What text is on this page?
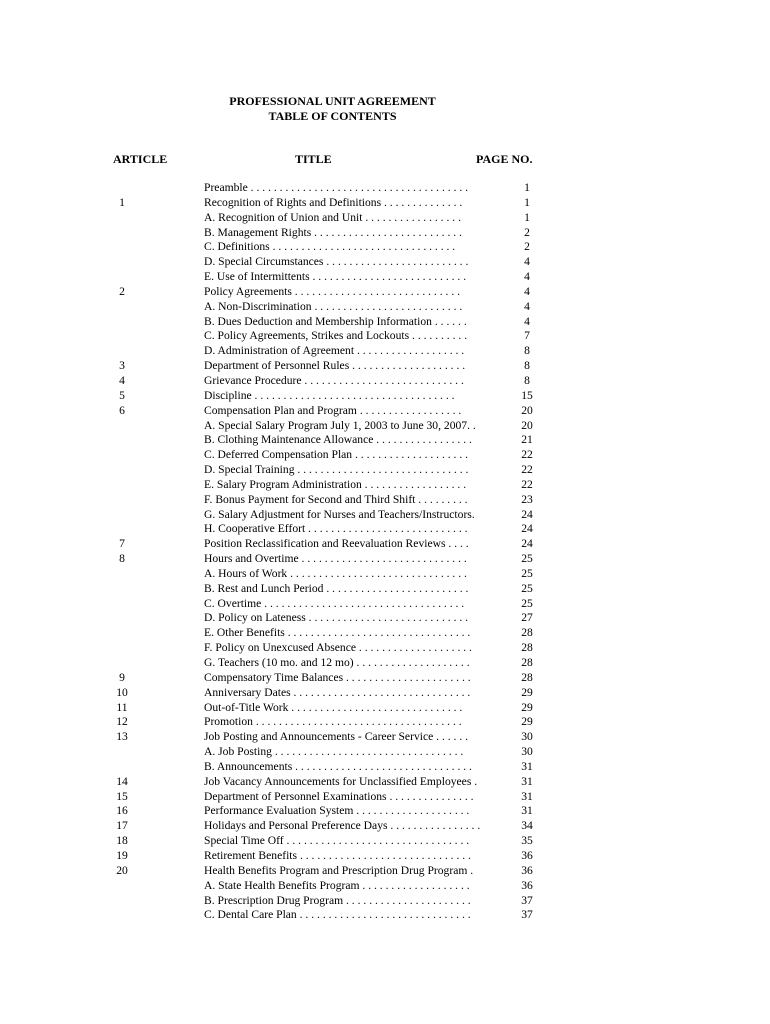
PROFESSIONAL UNIT AGREEMENT
TABLE OF CONTENTS
ARTICLE	TITLE	PAGE NO.
Preamble . . . . . . . . . . . . . . . . . . . . . . . . . . . . . . . . . . . . . .	1
1	Recognition of Rights and Definitions . . . . . . . . . . . . . .	1
A. Recognition of Union and Unit . . . . . . . . . . . . . . . . .	1
B. Management Rights . . . . . . . . . . . . . . . . . . . . . . . . . .	2
C. Definitions . . . . . . . . . . . . . . . . . . . . . . . . . . . . . . . .	2
D. Special Circumstances . . . . . . . . . . . . . . . . . . . . . . . . .	4
E. Use of Intermittents . . . . . . . . . . . . . . . . . . . . . . . . . . .	4
2	Policy Agreements . . . . . . . . . . . . . . . . . . . . . . . . . . . . .	4
A. Non-Discrimination . . . . . . . . . . . . . . . . . . . . . . . . . .	4
B. Dues Deduction and Membership Information . . . . . .	4
C. Policy Agreements, Strikes and Lockouts . . . . . . . . . .	7
D. Administration of Agreement . . . . . . . . . . . . . . . . . . .	8
3	Department of Personnel Rules . . . . . . . . . . . . . . . . . . . .	8
4	Grievance Procedure . . . . . . . . . . . . . . . . . . . . . . . . . . . .	8
5	Discipline . . . . . . . . . . . . . . . . . . . . . . . . . . . . . . . . . . .	15
6	Compensation Plan and Program . . . . . . . . . . . . . . . . . .	20
A. Special Salary Program July 1, 2003 to June 30, 2007. .	20
B. Clothing Maintenance Allowance . . . . . . . . . . . . . . . . .	21
C. Deferred Compensation Plan . . . . . . . . . . . . . . . . . . . .	22
D. Special Training . . . . . . . . . . . . . . . . . . . . . . . . . . . . . .	22
E. Salary Program Administration . . . . . . . . . . . . . . . . . .	22
F. Bonus Payment for Second and Third Shift . . . . . . . . .	23
G. Salary Adjustment for Nurses and Teachers/Instructors.	24
H. Cooperative Effort . . . . . . . . . . . . . . . . . . . . . . . . . . . .	24
7	Position Reclassification and Reevaluation Reviews . . . .	24
8	Hours and Overtime . . . . . . . . . . . . . . . . . . . . . . . . . . . . .	25
A. Hours of Work . . . . . . . . . . . . . . . . . . . . . . . . . . . . . . .	25
B. Rest and Lunch Period . . . . . . . . . . . . . . . . . . . . . . . . .	25
C. Overtime . . . . . . . . . . . . . . . . . . . . . . . . . . . . . . . . . . .	25
D. Policy on Lateness . . . . . . . . . . . . . . . . . . . . . . . . . . . .	27
E. Other Benefits . . . . . . . . . . . . . . . . . . . . . . . . . . . . . . . .	28
F. Policy on Unexcused Absence . . . . . . . . . . . . . . . . . . . .	28
G. Teachers (10 mo. and 12 mo) . . . . . . . . . . . . . . . . . . . .	28
9	Compensatory Time Balances . . . . . . . . . . . . . . . . . . . . . .	28
10	Anniversary Dates . . . . . . . . . . . . . . . . . . . . . . . . . . . . . . .	29
11	Out-of-Title Work . . . . . . . . . . . . . . . . . . . . . . . . . . . . . .	29
12	Promotion . . . . . . . . . . . . . . . . . . . . . . . . . . . . . . . . . . . .	29
13	Job Posting and Announcements - Career Service . . . . . .	30
A. Job Posting . . . . . . . . . . . . . . . . . . . . . . . . . . . . . . . . .	30
B. Announcements . . . . . . . . . . . . . . . . . . . . . . . . . . . . . . .	31
14	Job Vacancy Announcements for Unclassified Employees .	31
15	Department of Personnel Examinations . . . . . . . . . . . . . . .	31
16	Performance Evaluation System . . . . . . . . . . . . . . . . . . . .	31
17	Holidays and Personal Preference Days . . . . . . . . . . . . . . . .	34
18	Special Time Off . . . . . . . . . . . . . . . . . . . . . . . . . . . . . . . .	35
19	Retirement Benefits . . . . . . . . . . . . . . . . . . . . . . . . . . . . . .	36
20	Health Benefits Program and Prescription Drug Program .	36
A. State Health Benefits Program . . . . . . . . . . . . . . . . . . .	36
B. Prescription Drug Program . . . . . . . . . . . . . . . . . . . . . .	37
C. Dental Care Plan . . . . . . . . . . . . . . . . . . . . . . . . . . . . . .	37
